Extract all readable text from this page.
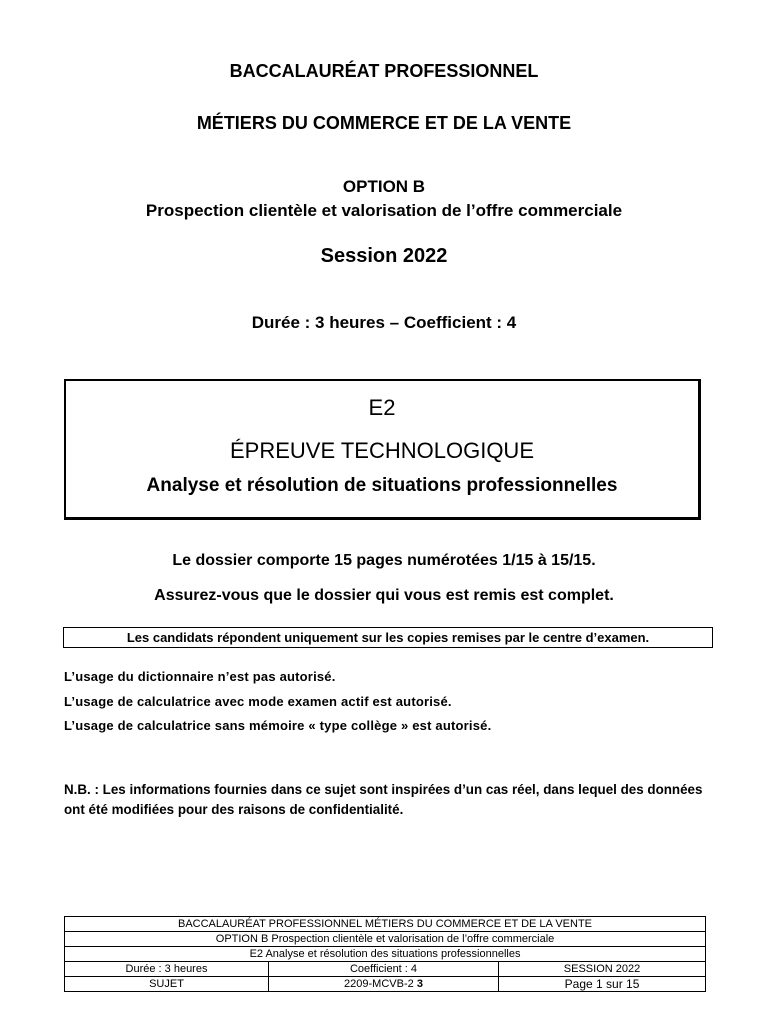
BACCALAURÉAT PROFESSIONNEL
MÉTIERS DU COMMERCE ET DE LA VENTE
OPTION B
Prospection clientèle et valorisation de l’offre commerciale
Session 2022
Durée : 3 heures – Coefficient : 4
E2
ÉPREUVE TECHNOLOGIQUE
Analyse et résolution de situations professionnelles
Le dossier comporte 15 pages numérotées 1/15 à 15/15.
Assurez-vous que le dossier qui vous est remis est complet.
Les candidats répondent uniquement sur les copies remises par le centre d’examen.
L’usage du dictionnaire n’est pas autorisé.
L’usage de calculatrice avec mode examen actif est autorisé.
L’usage de calculatrice sans mémoire « type collège » est autorisé.
N.B. : Les informations fournies dans ce sujet sont inspirées d’un cas réel, dans lequel des données ont été modifiées pour des raisons de confidentialité.
BACCALAURÉAT PROFESSIONNEL MÉTIERS DU COMMERCE ET DE LA VENTE		
OPTION B Prospection clientèle et valorisation de l’offre commerciale		
E2 Analyse et résolution des situations professionnelles		
Durée : 3 heures	Coefficient : 4	SESSION 2022
SUJET	2209-MCVB-2 3	Page 1 sur 15
